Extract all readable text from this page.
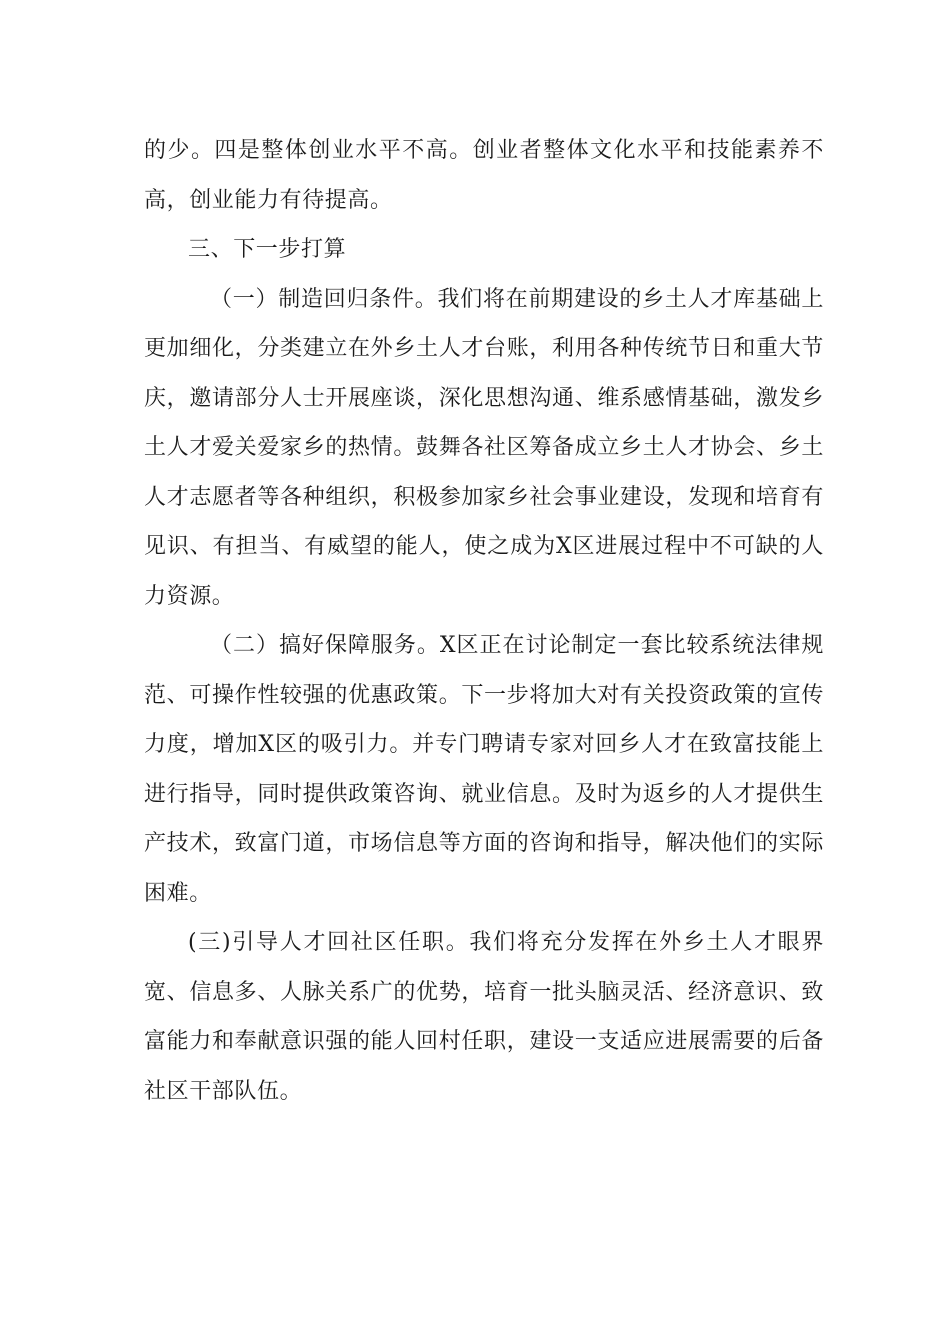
的少。四是整体创业水平不高。创业者整体文化水平和技能素养不高，创业能力有待提高。

三、下一步打算

（一）制造回归条件。我们将在前期建设的乡土人才库基础上更加细化，分类建立在外乡土人才台账，利用各种传统节日和重大节庆，邀请部分人士开展座谈，深化思想沟通、维系感情基础，激发乡土人才爱关爱家乡的热情。鼓舞各社区筹备成立乡土人才协会、乡土人才志愿者等各种组织，积极参加家乡社会事业建设，发现和培育有见识、有担当、有威望的能人，使之成为X区进展过程中不可缺的人力资源。

（二）搞好保障服务。X区正在讨论制定一套比较系统法律规范、可操作性较强的优惠政策。下一步将加大对有关投资政策的宣传力度，增加X区的吸引力。并专门聘请专家对回乡人才在致富技能上进行指导，同时提供政策咨询、就业信息。及时为返乡的人才提供生产技术，致富门道，市场信息等方面的咨询和指导，解决他们的实际困难。

(三)引导人才回社区任职。我们将充分发挥在外乡土人才眼界宽、信息多、人脉关系广的优势，培育一批头脑灵活、经济意识、致富能力和奉献意识强的能人回村任职，建设一支适应进展需要的后备社区干部队伍。
